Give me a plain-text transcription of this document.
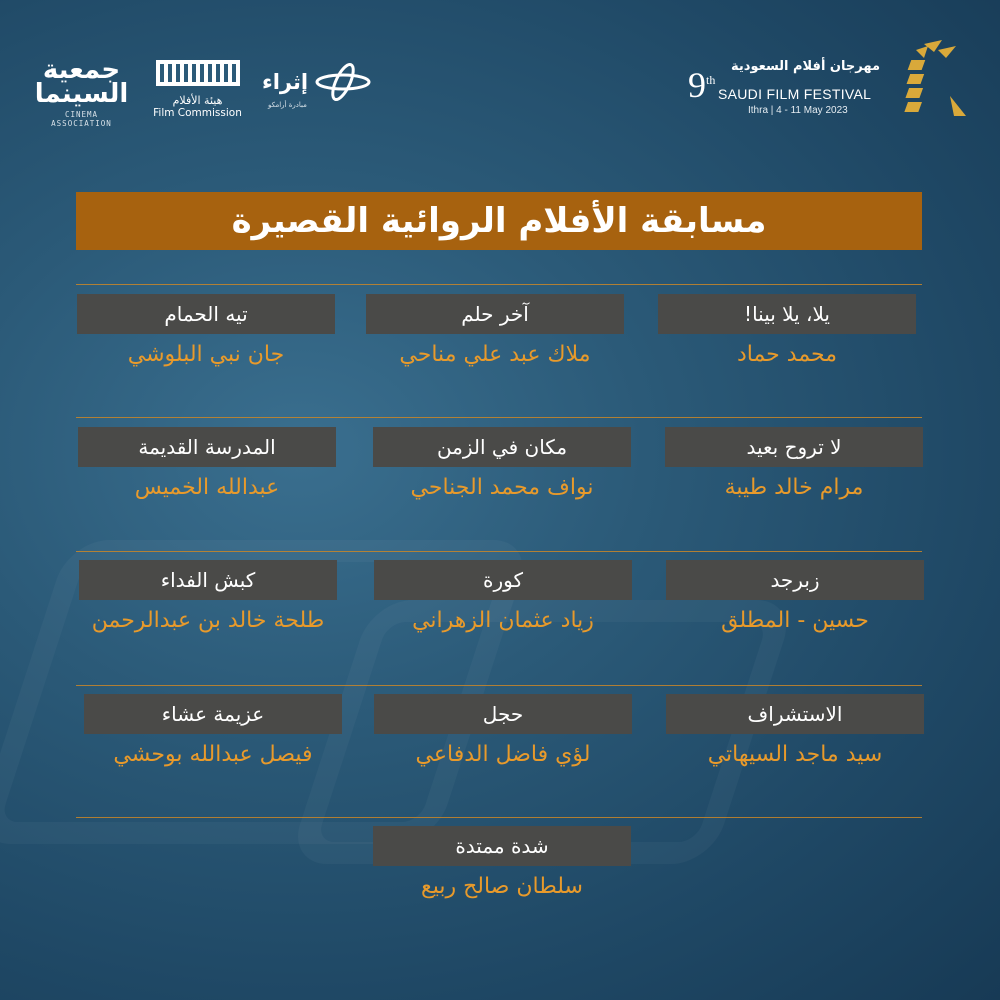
جمعية السينما
CINEMA ASSOCIATION
هيئة الأفلام
Film Commission
إثراء
مبادرة أرامكو	9th
مهرجان أفلام السعودية
SAUDI FILM FESTIVAL
Ithra | 4 - 11 May 2023
مسابقة الأفلام الروائية القصيرة
يلا، يلا بينا!
محمد حماد
آخر حلم
ملاك عبد علي مناحي
تيه الحمام
جان نبي البلوشي
لا تروح بعيد
مرام خالد طيبة
مكان في الزمن
نواف محمد الجناحي
المدرسة القديمة
عبدالله الخميس
زبرجد
حسين - المطلق
كورة
زياد عثمان الزهراني
كبش الفداء
طلحة خالد بن عبدالرحمن
الاستشراف
سيد ماجد السيهاتي
حجل
لؤي فاضل الدفاعي
عزيمة عشاء
فيصل عبدالله بوحشي
شدة ممتدة
سلطان صالح ربيع
